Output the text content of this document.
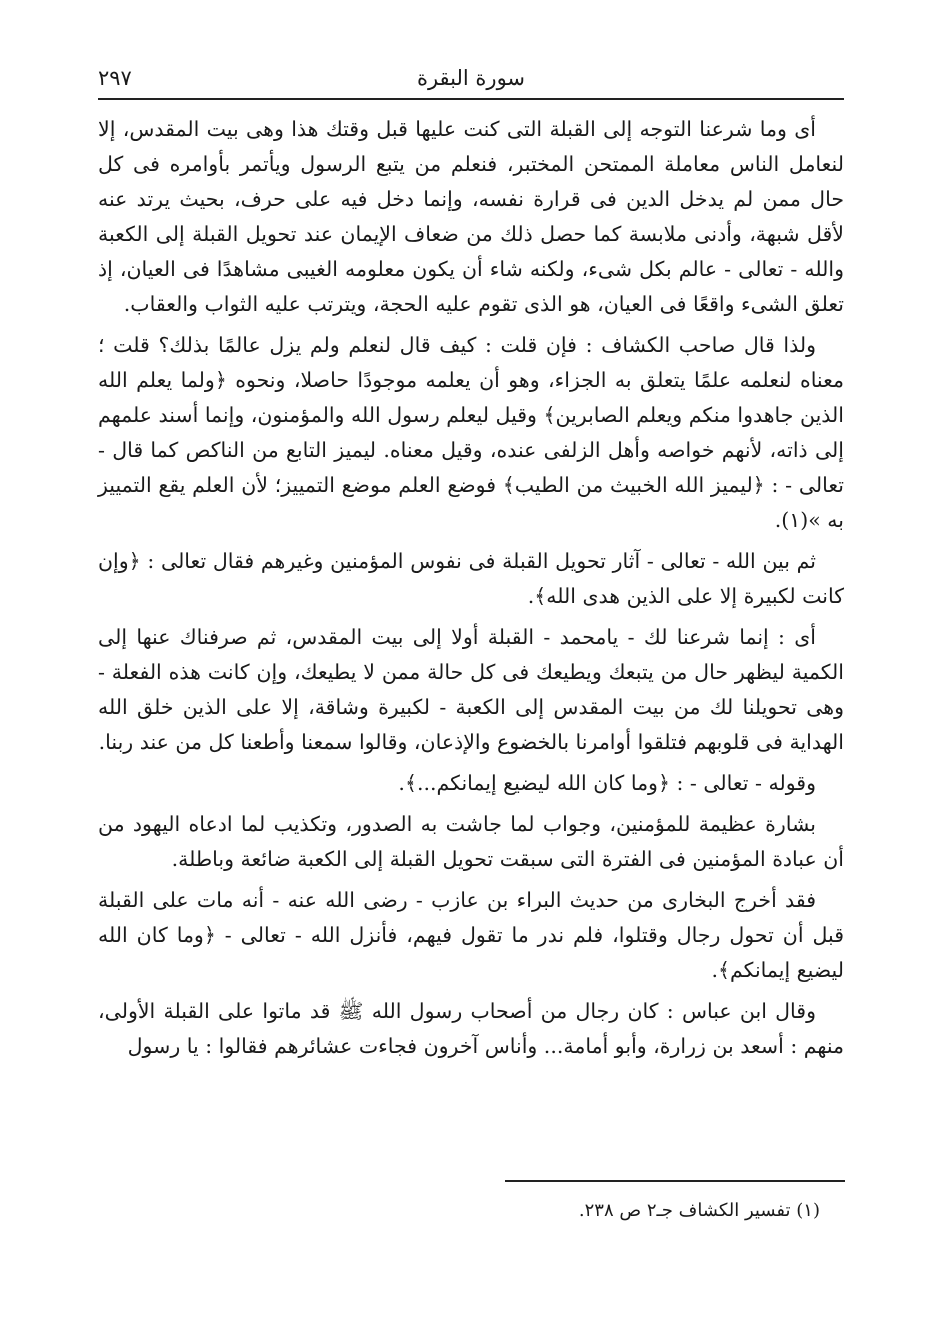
سورة البقرة
٢٩٧

أى وما شرعنا التوجه إلى القبلة التى كنت عليها قبل وقتك هذا وهى بيت المقدس، إلا لنعامل الناس معاملة الممتحن المختبر، فنعلم من يتبع الرسول ويأتمر بأوامره فى كل حال ممن لم يدخل الدين فى قرارة نفسه، وإنما دخل فيه على حرف، بحيث يرتد عنه لأقل شبهة، وأدنى ملابسة كما حصل ذلك من ضعاف الإيمان عند تحويل القبلة إلى الكعبة والله - تعالى - عالم بكل شىء، ولكنه شاء أن يكون معلومه الغيبى مشاهدًا فى العيان، إذ تعلق الشىء واقعًا فى العيان، هو الذى تقوم عليه الحجة، ويترتب عليه الثواب والعقاب.

ولذا قال صاحب الكشاف : فإن قلت : كيف قال لنعلم ولم يزل عالمًا بذلك؟ قلت ؛ معناه لنعلمه علمًا يتعلق به الجزاء، وهو أن يعلمه موجودًا حاصلا، ونحوه ﴿ولما يعلم الله الذين جاهدوا منكم ويعلم الصابرين﴾ وقيل ليعلم رسول الله والمؤمنون، وإنما أسند علمهم إلى ذاته، لأنهم خواصه وأهل الزلفى عنده، وقيل معناه. ليميز التابع من الناكص كما قال - تعالى - : ﴿ليميز الله الخبيث من الطيب﴾ فوضع العلم موضع التمييز؛ لأن العلم يقع التمييز به »(١).

ثم بين الله - تعالى - آثار تحويل القبلة فى نفوس المؤمنين وغيرهم فقال تعالى : ﴿وإن كانت لكبيرة إلا على الذين هدى الله﴾.

أى : إنما شرعنا لك - يامحمد - القبلة أولا إلى بيت المقدس، ثم صرفناك عنها إلى الكمية ليظهر حال من يتبعك ويطيعك فى كل حالة ممن لا يطيعك، وإن كانت هذه الفعلة - وهى تحويلنا لك من بيت المقدس إلى الكعبة - لكبيرة وشاقة، إلا على الذين خلق الله الهداية فى قلوبهم فتلقوا أوامرنا بالخضوع والإذعان، وقالوا سمعنا وأطعنا كل من عند ربنا.

وقوله - تعالى - : ﴿وما كان الله ليضيع إيمانكم...﴾.

بشارة عظيمة للمؤمنين، وجواب لما جاشت به الصدور، وتكذيب لما ادعاه اليهود من أن عبادة المؤمنين فى الفترة التى سبقت تحويل القبلة إلى الكعبة ضائعة وباطلة.

فقد أخرج البخارى من حديث البراء بن عازب - رضى الله عنه - أنه مات على القبلة قبل أن تحول رجال وقتلوا، فلم ندر ما تقول فيهم، فأنزل الله - تعالى - ﴿وما كان الله ليضيع إيمانكم﴾.

وقال ابن عباس : كان رجال من أصحاب رسول الله ﷺ قد ماتوا على القبلة الأولى، منهم : أسعد بن زرارة، وأبو أمامة... وأناس آخرون فجاءت عشائرهم فقالوا : يا رسول

(١) تفسير الكشاف جـ٢ ص ٢٣٨.
